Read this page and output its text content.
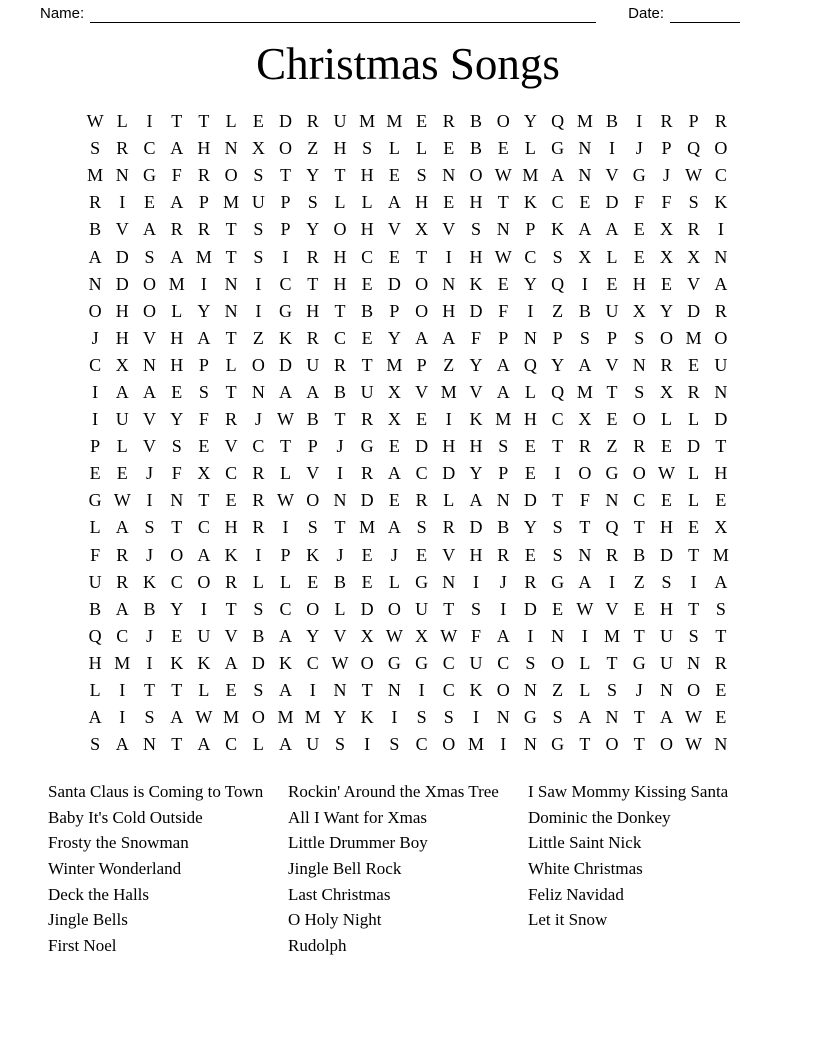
Name:	Date:
Christmas Songs
W L	I	T T L E D R U M M E R B O Y Q M B	I	R P R
S R C A H N X O Z H S L L E B E L G N I	J	P Q O
M N G F R O S T Y T H E S N O W M A N V G J W C
R	I	E A P M U P S L L A H E H T K C E D F F S K
B V A R R T S P Y O H V X V S N P K A A E X R	I
A D S A M T S	I	R H C E T	I H W C S X L E X X N
N D O M I N I	C T H E D O N K E Y Q I	E H E V A
O H O L Y N I G H T B P O H D F	I	Z B U X Y D R
J H V H A T Z K R C E Y A A F P N P S P S O M O
C X N H P L O D U R T M P Z Y A Q Y A V N R E U
I A A E S T N A A B U X V M V A L Q M T S X R N
I U V Y F R J W B T R X E	I K M H C X E O L L D
P L V S E V C T P	J G E D H H S E T R Z R E D T
E E	J	F X C R L V I	R A C D Y P E	I O G O W L H
G W I N T E R W O N D E R L A N D T F N C E L E
L A S T C H R	I	S T M A S R D B Y S T Q T H E X
F R J O A K I	P K J	E	J	E V H R E S N R B D T M
U R K C O R L L E B E L G N I	J R G A I	Z S	I A
B A B Y I	T S C O L D O U T S	I D E W V E H T S
Q C J	E U V B A Y V X W X W F A I N I M T U S T
H M I K K A D K C W O G G C U C S O L T G U N R
L	I	T T L E S A I N T N I	C K O N Z L S	J N O E
A I	S A W M O M M Y K I	S S	I N G S A N T A W E
S A N T A C L A U S	I	S C O M I N G T O T O W N
Santa Claus is Coming to Town
Baby It's Cold Outside
Frosty the Snowman
Winter Wonderland
Deck the Halls
Jingle Bells
First Noel
Rockin' Around the Xmas Tree
All I Want for Xmas
Little Drummer Boy
Jingle Bell Rock
Last Christmas
O Holy Night
Rudolph
I Saw Mommy Kissing Santa
Dominic the Donkey
Little Saint Nick
White Christmas
Feliz Navidad
Let it Snow
